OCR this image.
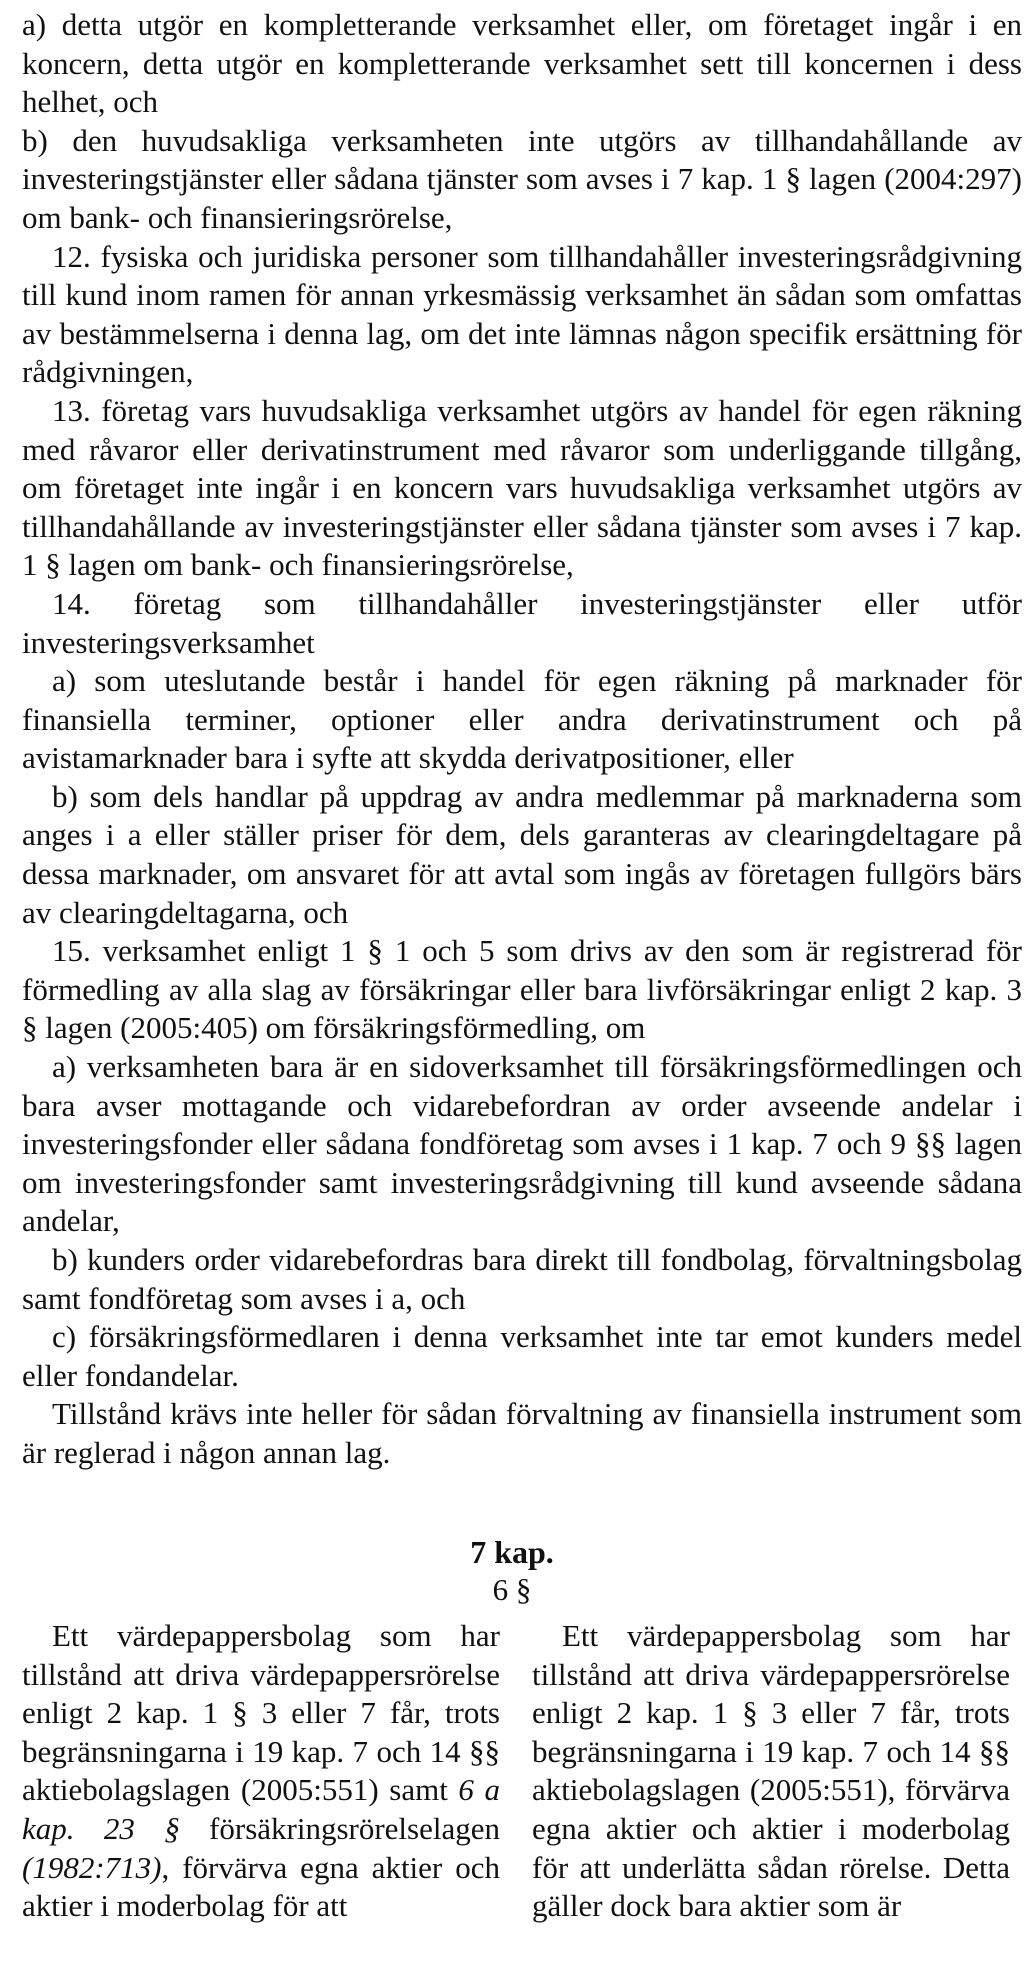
a) detta utgör en kompletterande verksamhet eller, om företaget ingår i en koncern, detta utgör en kompletterande verksamhet sett till koncernen i dess helhet, och
b) den huvudsakliga verksamheten inte utgörs av tillhandahållande av investeringstjänster eller sådana tjänster som avses i 7 kap. 1 § lagen (2004:297) om bank- och finansieringsrörelse,
12. fysiska och juridiska personer som tillhandahåller investeringsrådgivning till kund inom ramen för annan yrkesmässig verksamhet än sådan som omfattas av bestämmelserna i denna lag, om det inte lämnas någon specifik ersättning för rådgivningen,
13. företag vars huvudsakliga verksamhet utgörs av handel för egen räkning med råvaror eller derivatinstrument med råvaror som underliggande tillgång, om företaget inte ingår i en koncern vars huvudsakliga verksamhet utgörs av tillhandahållande av investeringstjänster eller sådana tjänster som avses i 7 kap. 1 § lagen om bank- och finansieringsrörelse,
14. företag som tillhandahåller investeringstjänster eller utför investeringsverksamhet
a) som uteslutande består i handel för egen räkning på marknader för finansiella terminer, optioner eller andra derivatinstrument och på avistamarknader bara i syfte att skydda derivatpositioner, eller
b) som dels handlar på uppdrag av andra medlemmar på marknaderna som anges i a eller ställer priser för dem, dels garanteras av clearingdeltagare på dessa marknader, om ansvaret för att avtal som ingås av företagen fullgörs bärs av clearingdeltagarna, och
15. verksamhet enligt 1 § 1 och 5 som drivs av den som är registrerad för förmedling av alla slag av försäkringar eller bara livförsäkringar enligt 2 kap. 3 § lagen (2005:405) om försäkringsförmedling, om
a) verksamheten bara är en sidoverksamhet till försäkringsförmedlingen och bara avser mottagande och vidarebefordran av order avseende andelar i investeringsfonder eller sådana fondföretag som avses i 1 kap. 7 och 9 §§ lagen om investeringsfonder samt investeringsrådgivning till kund avseende sådana andelar,
b) kunders order vidarebefordras bara direkt till fondbolag, förvaltningsbolag samt fondföretag som avses i a, och
c) försäkringsförmedlaren i denna verksamhet inte tar emot kunders medel eller fondandelar.
Tillstånd krävs inte heller för sådan förvaltning av finansiella instrument som är reglerad i någon annan lag.
7 kap.
6 §
Ett värdepappersbolag som har tillstånd att driva värdepappersrörelse enligt 2 kap. 1 § 3 eller 7 får, trots begränsningarna i 19 kap. 7 och 14 §§ aktiebolagslagen (2005:551) samt 6 a kap. 23 § försäkringsrörelselagen (1982:713), förvärva egna aktier och aktier i moderbolag för att
Ett värdepappersbolag som har tillstånd att driva värdepappersrörelse enligt 2 kap. 1 § 3 eller 7 får, trots begränsningarna i 19 kap. 7 och 14 §§ aktiebolagslagen (2005:551), förvärva egna aktier och aktier i moderbolag för att underlätta sådan rörelse. Detta gäller dock bara aktier som är
